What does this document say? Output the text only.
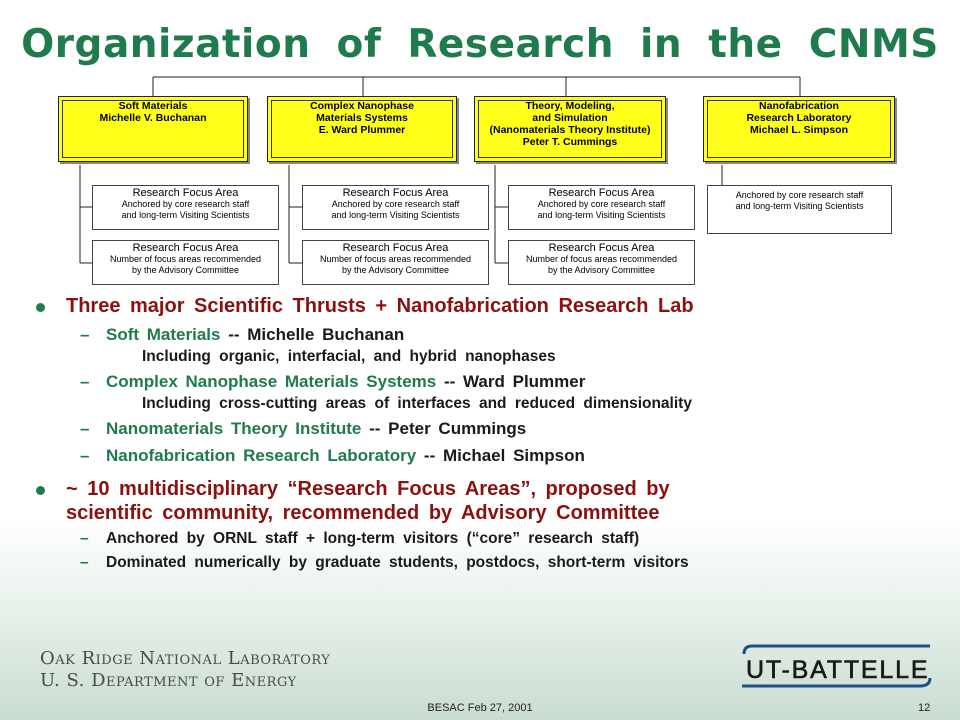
Organization of Research in the CNMS
Soft Materials
Michelle V. Buchanan
Complex Nanophase
Materials Systems
E. Ward Plummer
Theory, Modeling,
and Simulation
(Nanomaterials Theory Institute)
Peter T. Cummings
Nanofabrication
Research Laboratory
Michael L. Simpson
Research Focus Area
Anchored by core research staff
and long-term Visiting Scientists
Research Focus Area
Number of focus areas recommended
by the Advisory Committee
Research Focus Area
Anchored by core research staff
and long-term Visiting Scientists
Research Focus Area
Number of focus areas recommended
by the Advisory Committee
Research Focus Area
Anchored by core research staff
and long-term Visiting Scientists
Research Focus Area
Number of focus areas recommended
by the Advisory Committee
Anchored by core research staff
and long-term Visiting Scientists
Three major Scientific Thrusts + Nanofabrication Research Lab
– Soft Materials -- Michelle Buchanan
Including organic, interfacial, and hybrid nanophases
– Complex Nanophase Materials Systems -- Ward Plummer
Including cross-cutting areas of interfaces and reduced dimensionality
– Nanomaterials Theory Institute -- Peter Cummings
– Nanofabrication Research Laboratory -- Michael Simpson
~ 10 multidisciplinary “Research Focus Areas”, proposed by
scientific community, recommended by Advisory Committee
– Anchored by ORNL staff + long-term visitors (“core” research staff)
– Dominated numerically by graduate students, postdocs, short-term visitors
Oak Ridge National Laboratory
U. S. Department of Energy	UT-BATTELLE
BESAC Feb 27, 2001	12
